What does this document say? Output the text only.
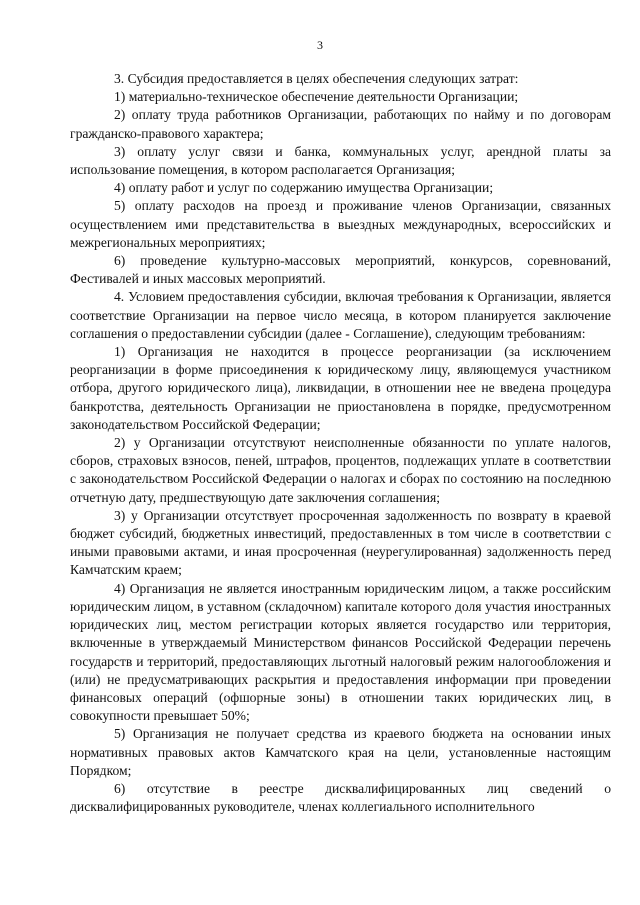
3

3. Субсидия предоставляется в целях обеспечения следующих затрат:

1) материально-техническое обеспечение деятельности Организации;

2) оплату труда работников Организации, работающих по найму и по договорам гражданско-правового характера;

3) оплату услуг связи и банка, коммунальных услуг, арендной платы за использование помещения, в котором располагается Организация;

4) оплату работ и услуг по содержанию имущества Организации;

5) оплату расходов на проезд и проживание членов Организации, связанных осуществлением ими представительства в выездных международных, всероссийских и межрегиональных мероприятиях;

6) проведение культурно-массовых мероприятий, конкурсов, соревнований, Фестивалей и иных массовых мероприятий.

4. Условием предоставления субсидии, включая требования к Организации, является соответствие Организации на первое число месяца, в котором планируется заключение соглашения о предоставлении субсидии (далее - Соглашение), следующим требованиям:

1) Организация не находится в процессе реорганизации (за исключением реорганизации в форме присоединения к юридическому лицу, являющемуся участником отбора, другого юридического лица), ликвидации, в отношении нее не введена процедура банкротства, деятельность Организации не приостановлена в порядке, предусмотренном законодательством Российской Федерации;

2) у Организации отсутствуют неисполненные обязанности по уплате налогов, сборов, страховых взносов, пеней, штрафов, процентов, подлежащих уплате в соответствии с законодательством Российской Федерации о налогах и сборах по состоянию на последнюю отчетную дату, предшествующую дате заключения соглашения;

3) у Организации отсутствует просроченная задолженность по возврату в краевой бюджет субсидий, бюджетных инвестиций, предоставленных в том числе в соответствии с иными правовыми актами, и иная просроченная (неурегулированная) задолженность перед Камчатским краем;

4) Организация не является иностранным юридическим лицом, а также российским юридическим лицом, в уставном (складочном) капитале которого доля участия иностранных юридических лиц, местом регистрации которых является государство или территория, включенные в утверждаемый Министерством финансов Российской Федерации перечень государств и территорий, предоставляющих льготный налоговый режим налогообложения и (или) не предусматривающих раскрытия и предоставления информации при проведении финансовых операций (офшорные зоны) в отношении таких юридических лиц, в совокупности превышает 50%;

5) Организация не получает средства из краевого бюджета на основании иных нормативных правовых актов Камчатского края на цели, установленные настоящим Порядком;

6) отсутствие в реестре дисквалифицированных лиц сведений о дисквалифицированных руководителе, членах коллегиального исполнительного
